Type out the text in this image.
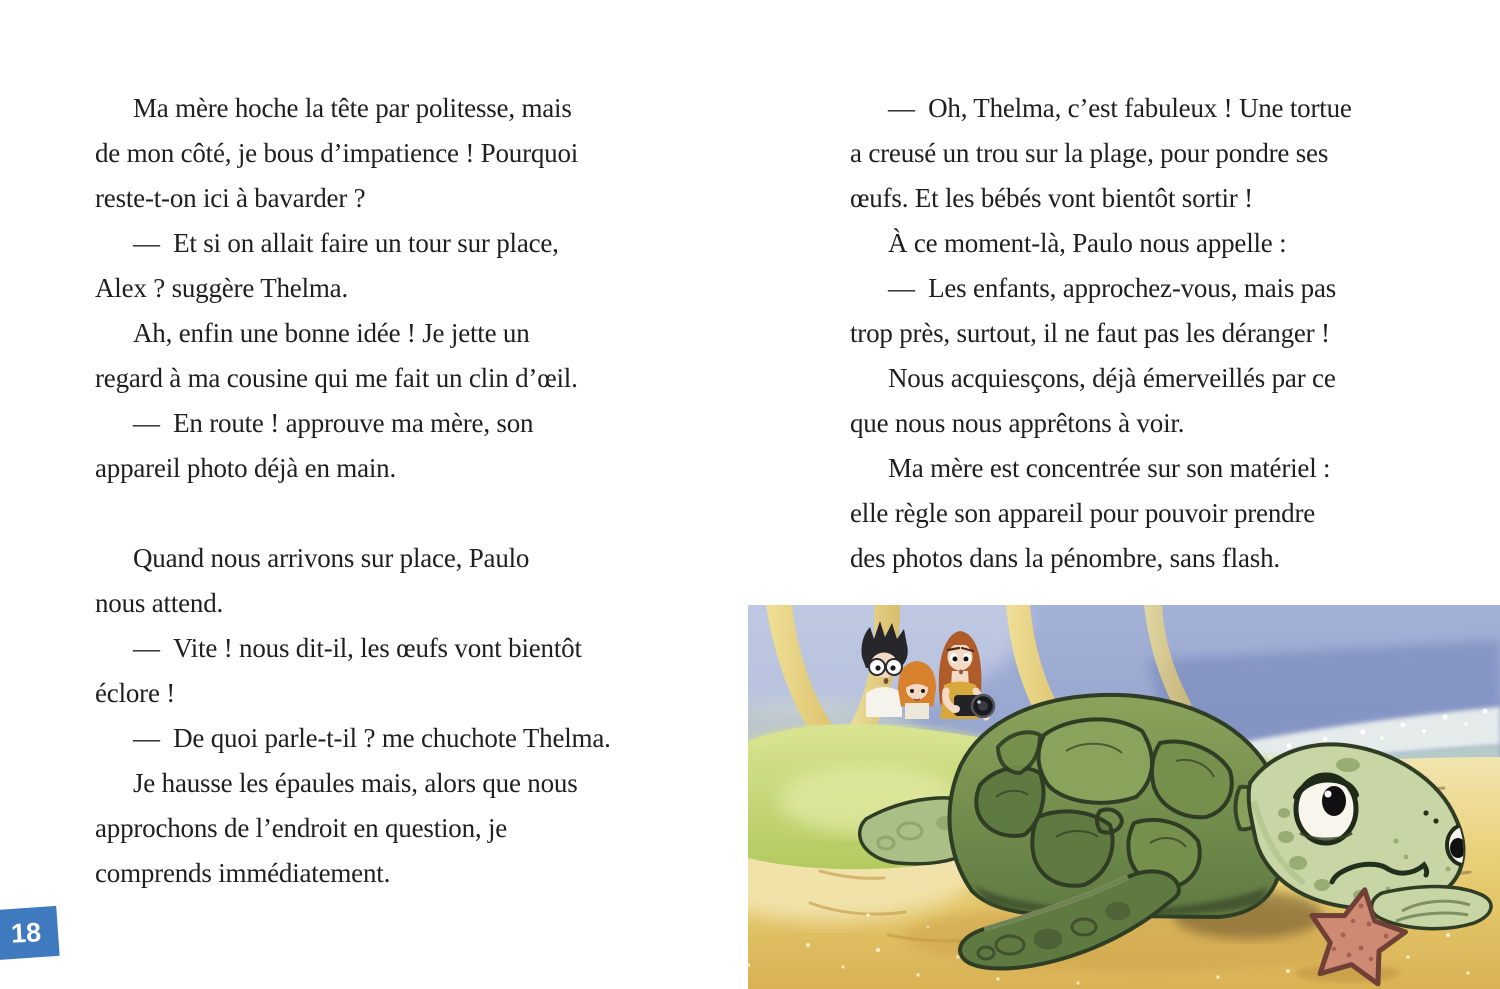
Ma mère hoche la tête par politesse, mais
de mon côté, je bous d’impatience ! Pourquoi
reste-t-on ici à bavarder ?
— Et si on allait faire un tour sur place,
Alex ? suggère Thelma.
Ah, enfin une bonne idée ! Je jette un
regard à ma cousine qui me fait un clin d’œil.
— En route ! approuve ma mère, son
appareil photo déjà en main.
Quand nous arrivons sur place, Paulo
nous attend.
— Vite ! nous dit-il, les œufs vont bientôt
éclore !
— De quoi parle-t-il ? me chuchote Thelma.
Je hausse les épaules mais, alors que nous
approchons de l’endroit en question, je
comprends immédiatement.
— Oh, Thelma, c’est fabuleux ! Une tortue
a creusé un trou sur la plage, pour pondre ses
œufs. Et les bébés vont bientôt sortir !
À ce moment-là, Paulo nous appelle :
— Les enfants, approchez-vous, mais pas
trop près, surtout, il ne faut pas les déranger !
Nous acquiesçons, déjà émerveillés par ce
que nous nous apprêtons à voir.
Ma mère est concentrée sur son matériel :
elle règle son appareil pour pouvoir prendre
des photos dans la pénombre, sans flash.
18
